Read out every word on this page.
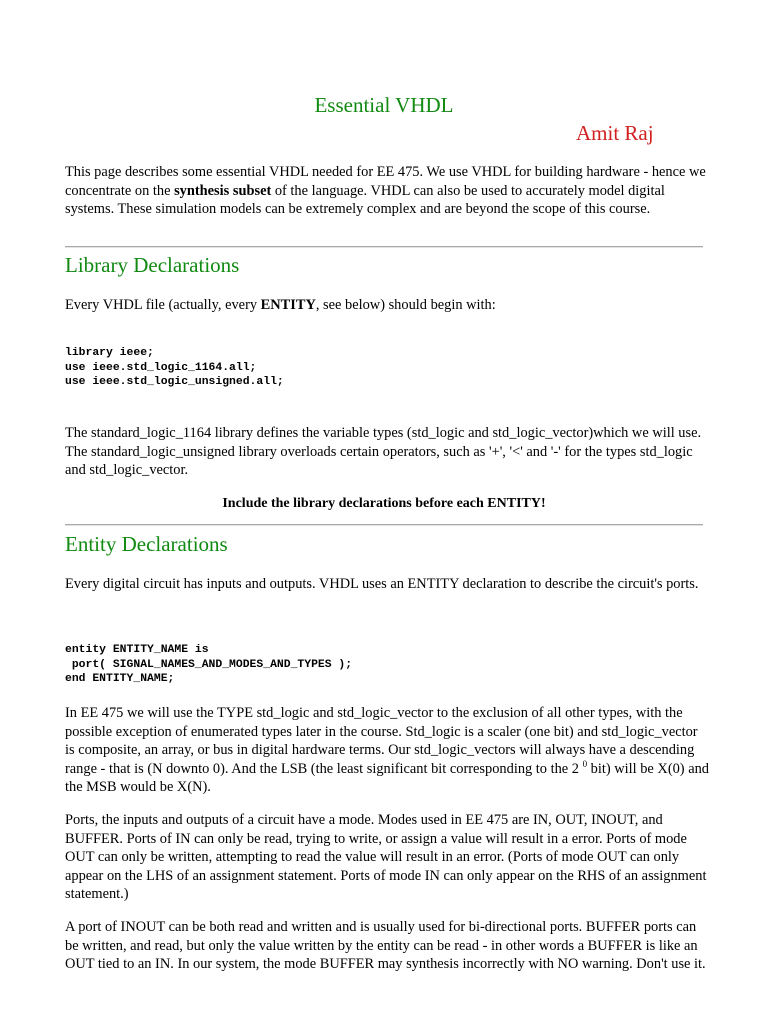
Essential VHDL
Amit Raj
This page describes some essential VHDL needed for EE 475. We use VHDL for building hardware - hence we concentrate on the synthesis subset of the language. VHDL can also be used to accurately model digital systems. These simulation models can be extremely complex and are beyond the scope of this course.
Library Declarations
Every VHDL file (actually, every ENTITY, see below) should begin with:
library ieee;
use ieee.std_logic_1164.all;
use ieee.std_logic_unsigned.all;
The standard_logic_1164 library defines the variable types (std_logic and std_logic_vector)which we will use. The standard_logic_unsigned library overloads certain operators, such as '+', '<' and '-' for the types std_logic and std_logic_vector.
Include the library declarations before each ENTITY!
Entity Declarations
Every digital circuit has inputs and outputs. VHDL uses an ENTITY declaration to describe the circuit's ports.
entity ENTITY_NAME is
port( SIGNAL_NAMES_AND_MODES_AND_TYPES );
end ENTITY_NAME;
In EE 475 we will use the TYPE std_logic and std_logic_vector to the exclusion of all other types, with the possible exception of enumerated types later in the course. Std_logic is a scaler (one bit) and std_logic_vector is composite, an array, or bus in digital hardware terms. Our std_logic_vectors will always have a descending range - that is (N downto 0). And the LSB (the least significant bit corresponding to the 2 $^0$ bit) will be X(0) and the MSB would be X(N).
Ports, the inputs and outputs of a circuit have a mode. Modes used in EE 475 are IN, OUT, INOUT, and BUFFER. Ports of IN can only be read, trying to write, or assign a value will result in a error. Ports of mode OUT can only be written, attempting to read the value will result in an error. (Ports of mode OUT can only appear on the LHS of an assignment statement. Ports of mode IN can only appear on the RHS of an assignment statement.)
A port of INOUT can be both read and written and is usually used for bi-directional ports. BUFFER ports can be written, and read, but only the value written by the entity can be read - in other words a BUFFER is like an OUT tied to an IN. In our system, the mode BUFFER may synthesis incorrectly with NO warning. Don't use it.
